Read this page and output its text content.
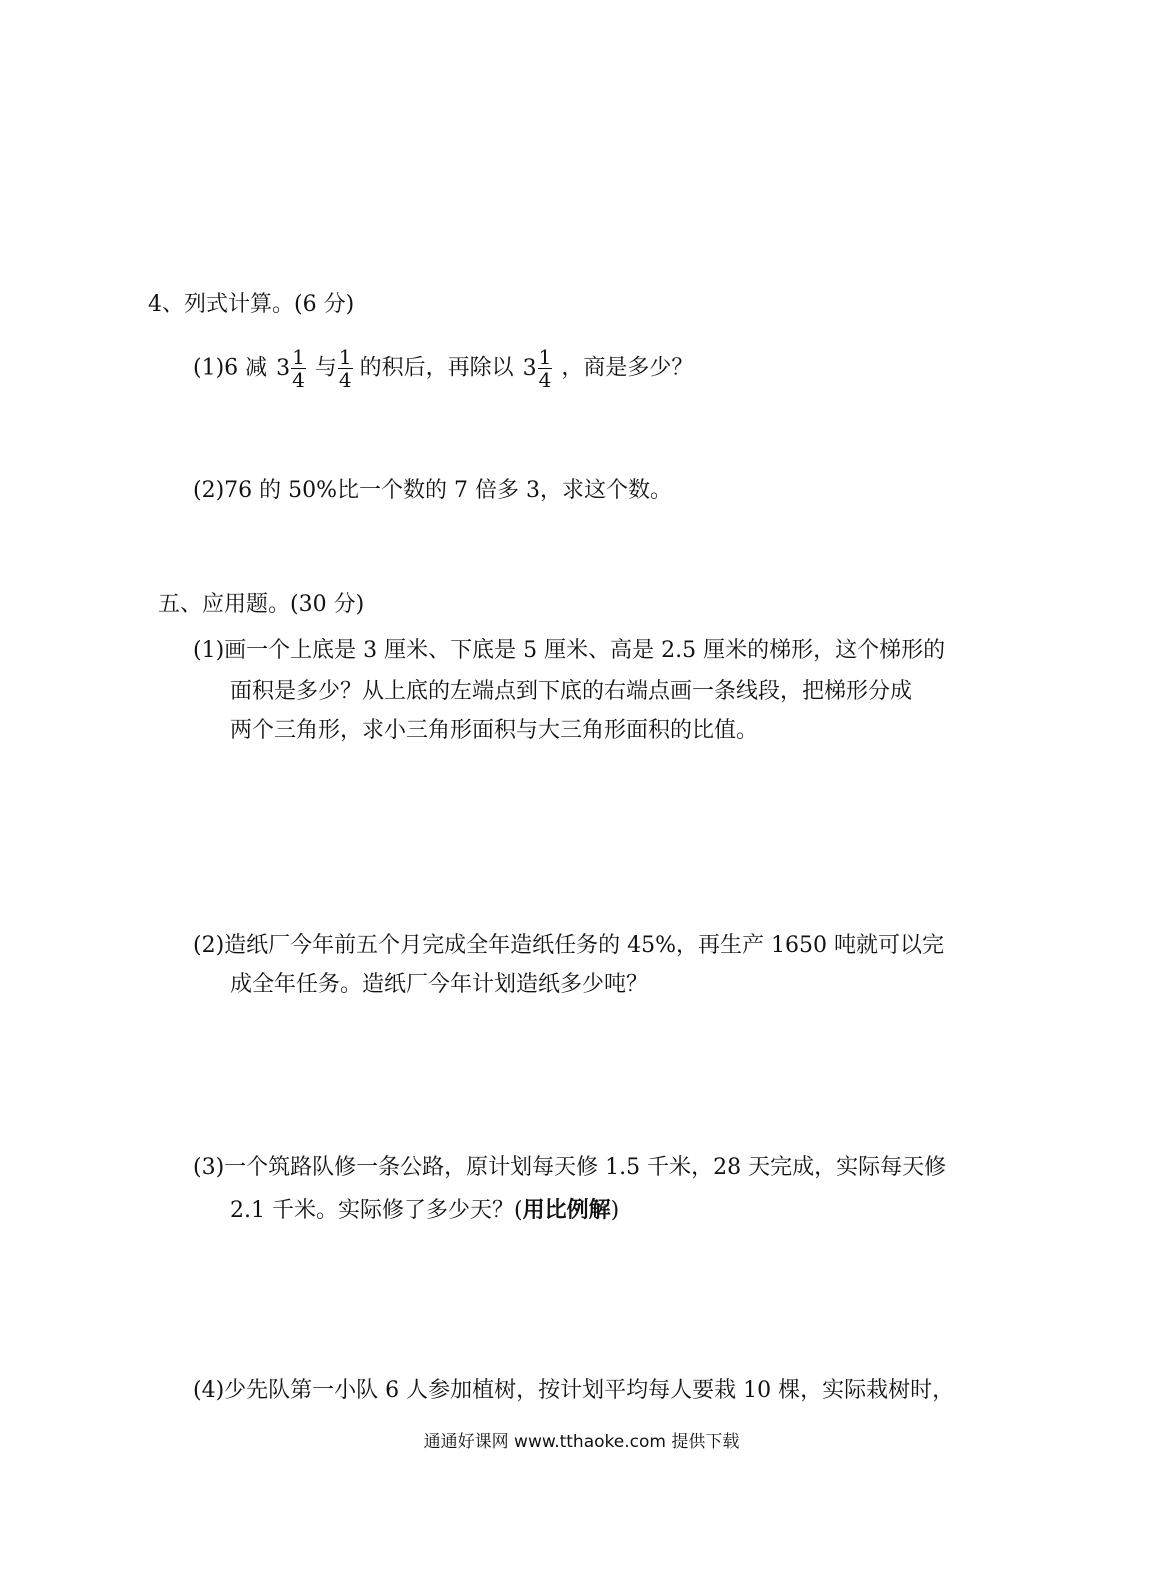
4、列式计算。(6 分)
(1)6 减 $3 \frac{1}{4}$ 与 $\frac{1}{4}$ 的积后，再除以 $3 \frac{1}{4}$ ，商是多少？
(2)76 的 50%比一个数的 7 倍多 3，求这个数。
五、应用题。(30 分)
(1)画一个上底是 3 厘米、下底是 5 厘米、高是 2.5 厘米的梯形，这个梯形的
面积是多少？从上底的左端点到下底的右端点画一条线段，把梯形分成
两个三角形，求小三角形面积与大三角形面积的比值。
(2)造纸厂今年前五个月完成全年造纸任务的 45%，再生产 1650 吨就可以完
成全年任务。造纸厂今年计划造纸多少吨？
(3)一个筑路队修一条公路，原计划每天修 1.5 千米，28 天完成，实际每天修
2.1 千米。实际修了多少天？(用比例解)
(4)少先队第一小队 6 人参加植树，按计划平均每人要栽 10 棵，实际栽树时，
通通好课网 www.tthaoke.com 提供下载
